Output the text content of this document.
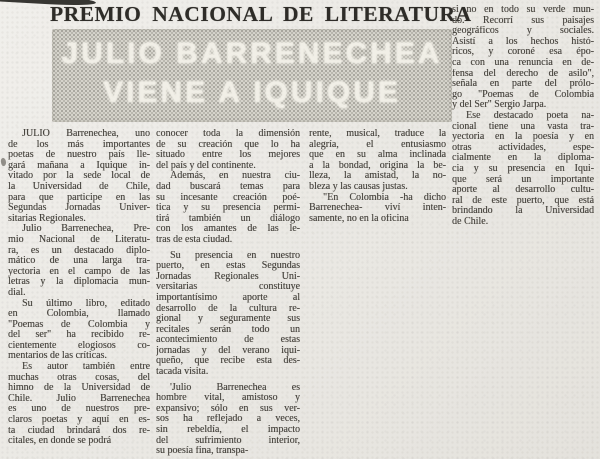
PREMIO NACIONAL DE LITERATURA
JULIO BARRENECHEA
VIENE A IQUIQUE
JULIO Barrenechea, uno
de los más importantes
poetas de nuestro país lle-
gará mañana a Iquique in-
vitado por la sede local de
la Universidad de Chile,
para que participe en las
Segundas Jornadas Univer-
sitarias Regionales.
Julio Barrenechea, Pre-
mio Nacional de Literatu-
ra, es un destacado diplo-
mático de una larga tra-
yectoria en el campo de las
letras y la diplomacia mun-
dial.
Su último libro, editado
en Colombia, llamado
"Poemas de Colombia y
del ser" ha recibido re-
cientemente elogiosos co-
mentarios de las críticas.
Es autor también entre
muchas otras cosas, del
himno de la Universidad de
Chile. Julio Barrenechea
es uno de nuestros pre-
claros poetas y aquí en es-
ta ciudad brindará dos re-
citales, en donde se podrá
conocer toda la dimensión
de su creación que lo ha
situado entre los mejores
del país y del continente.
Además, en nuestra ciu-
dad buscará temas para
su incesante creación poé-
tica y su presencia permi-
tirá también un diálogo
con los amantes de las le-
tras de esta ciudad.
Su presencia en nuestro
puerto, en estas Segundas
Jornadas Regionales Uni-
versitarias constituye
importantísimo aporte al
desarrollo de la cultura re-
gional y seguramente sus
recitales serán todo un
acontecimiento de estas
jornadas y del verano iqui-
queño, que recibe esta des-
tacada visita.
'Julio Barrenechea es
hombre vital, amistoso y
expansivo; sólo en sus ver-
sos ha reflejado a veces,
sin rebeldía, el impacto
del sufrimiento interior,
su poesía fina, transpa-
rente, musical, traduce la
alegría, el entusiasmo
que en su alma inclinada
a la bondad, origina la be-
lleza, la amistad, la no-
bleza y las causas justas.
"En Colombia -ha dicho
Barrenechea- viví inten-
samente, no en la oficina
si no en todo su verde mun-
do. Recorrí sus paisajes
geográficos y sociales.
Asistí a los hechos histó-
ricos, y coroné esa épo-
ca con una renuncia en de-
fensa del derecho de asilo",
señala en parte del prólo-
go "Poemas de Colombia
y del Ser" Sergio Jarpa.
Ese destacado poeta na-
cional tiene una vasta tra-
yectoria en la poesía y en
otras actividades, espe-
cialmente en la diploma-
cia y su presencia en Iqui-
que será un importante
aporte al desarrollo cultu-
ral de este puerto, que está
brindando la Universidad
de Chile.
